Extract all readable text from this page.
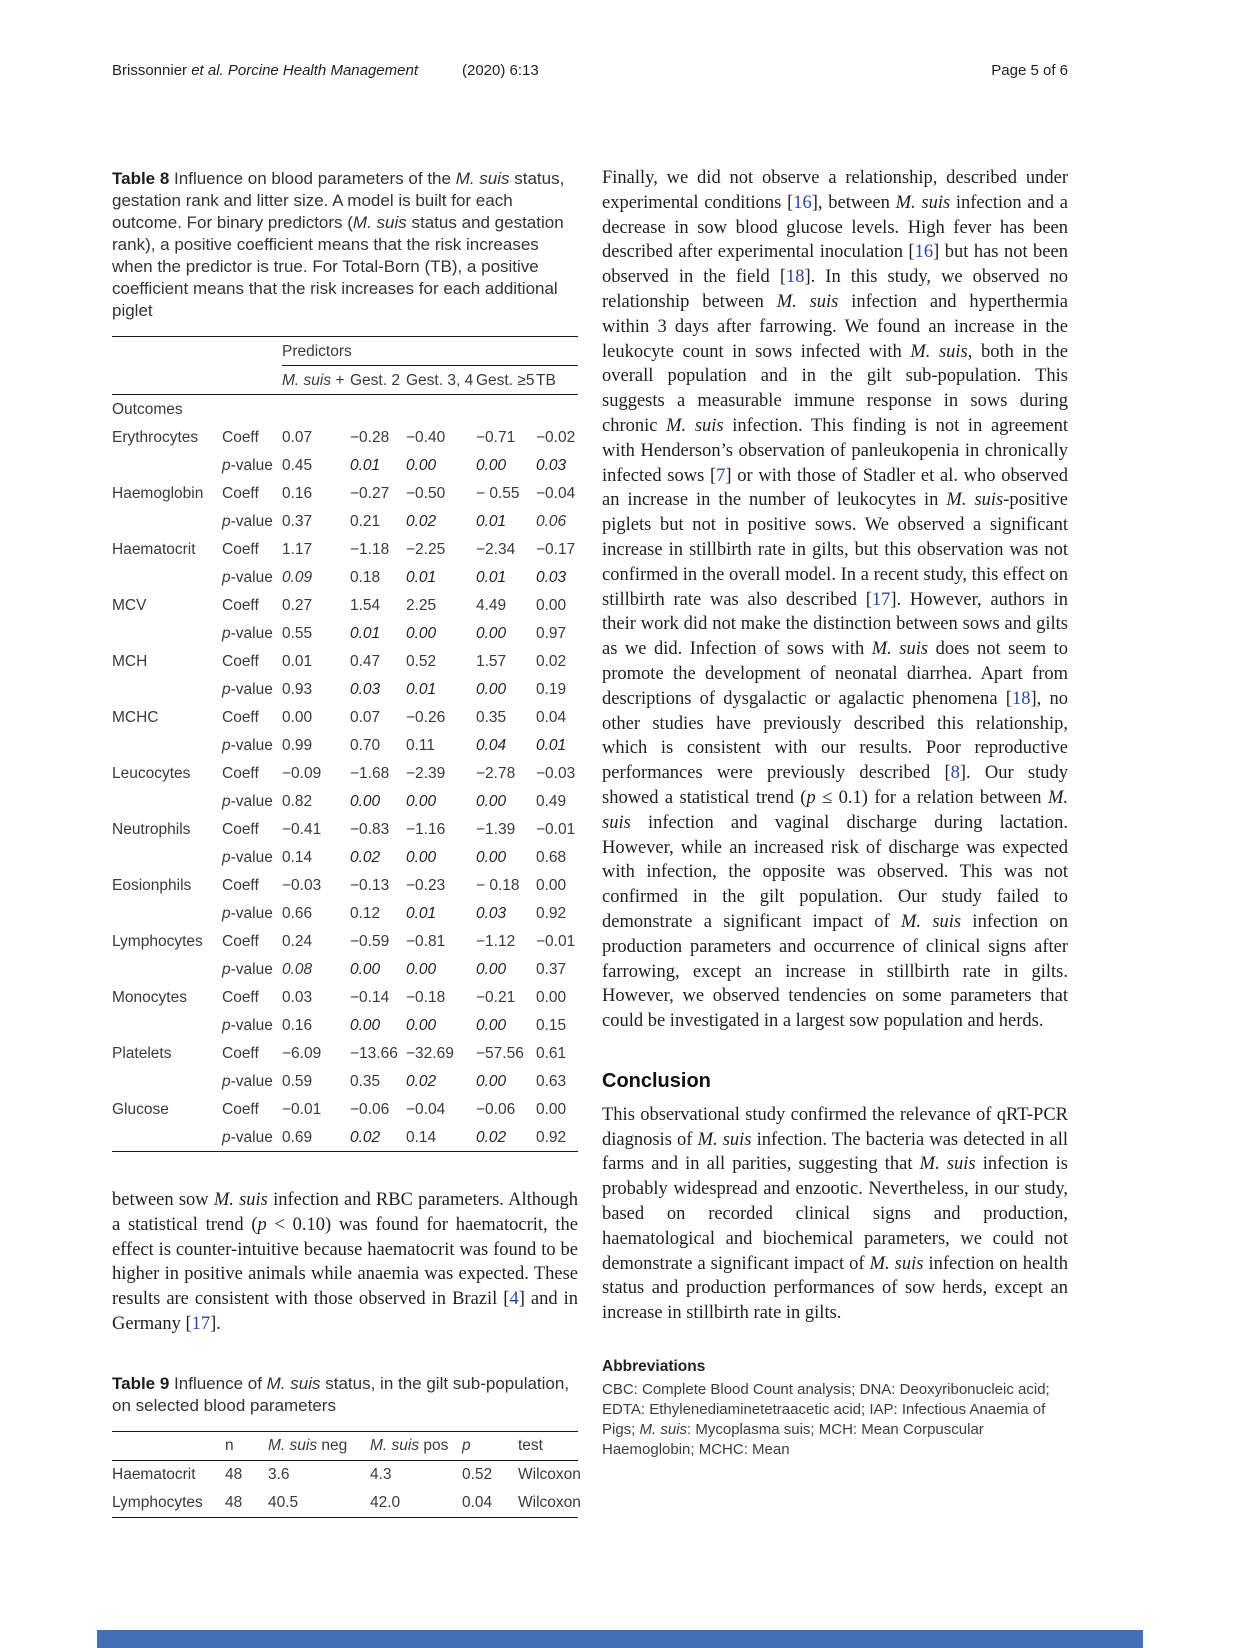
Brissonnier et al. Porcine Health Management	(2020) 6:13	Page 5 of 6

Table 8 Influence on blood parameters of the M. suis status, gestation rank and litter size. A model is built for each outcome. For binary predictors (M. suis status and gestation rank), a positive coefficient means that the risk increases when the predictor is true. For Total-Born (TB), a positive coefficient means that the risk increases for each additional piglet

		Predictors				
		M. suis +	Gest. 2	Gest. 3, 4	Gest. ≥5	TB
Outcomes						
Erythrocytes	Coeff	0.07	−0.28	−0.40	−0.71	−0.02
	p-value	0.45	0.01	0.00	0.00	0.03
Haemoglobin	Coeff	0.16	−0.27	−0.50	− 0.55	−0.04
	p-value	0.37	0.21	0.02	0.01	0.06
Haematocrit	Coeff	1.17	−1.18	−2.25	−2.34	−0.17
	p-value	0.09	0.18	0.01	0.01	0.03
MCV	Coeff	0.27	1.54	2.25	4.49	0.00
	p-value	0.55	0.01	0.00	0.00	0.97
MCH	Coeff	0.01	0.47	0.52	1.57	0.02
	p-value	0.93	0.03	0.01	0.00	0.19
MCHC	Coeff	0.00	0.07	−0.26	0.35	0.04
	p-value	0.99	0.70	0.11	0.04	0.01
Leucocytes	Coeff	−0.09	−1.68	−2.39	−2.78	−0.03
	p-value	0.82	0.00	0.00	0.00	0.49
Neutrophils	Coeff	−0.41	−0.83	−1.16	−1.39	−0.01
	p-value	0.14	0.02	0.00	0.00	0.68
Eosionphils	Coeff	−0.03	−0.13	−0.23	− 0.18	0.00
	p-value	0.66	0.12	0.01	0.03	0.92
Lymphocytes	Coeff	0.24	−0.59	−0.81	−1.12	−0.01
	p-value	0.08	0.00	0.00	0.00	0.37
Monocytes	Coeff	0.03	−0.14	−0.18	−0.21	0.00
	p-value	0.16	0.00	0.00	0.00	0.15
Platelets	Coeff	−6.09	−13.66	−32.69	−57.56	0.61
	p-value	0.59	0.35	0.02	0.00	0.63
Glucose	Coeff	−0.01	−0.06	−0.04	−0.06	0.00
	p-value	0.69	0.02	0.14	0.02	0.92

between sow M. suis infection and RBC parameters. Although a statistical trend (p < 0.10) was found for haematocrit, the effect is counter-intuitive because haematocrit was found to be higher in positive animals while anaemia was expected. These results are consistent with those observed in Brazil [4] and in Germany [17].

Table 9 Influence of M. suis status, in the gilt sub-population, on selected blood parameters

	n	M. suis neg	M. suis pos	p	test
Haematocrit	48	3.6	4.3	0.52	Wilcoxon
Lymphocytes	48	40.5	42.0	0.04	Wilcoxon

Finally, we did not observe a relationship, described under experimental conditions [16], between M. suis infection and a decrease in sow blood glucose levels. High fever has been described after experimental inoculation [16] but has not been observed in the field [18]. In this study, we observed no relationship between M. suis infection and hyperthermia within 3 days after farrowing. We found an increase in the leukocyte count in sows infected with M. suis, both in the overall population and in the gilt sub-population. This suggests a measurable immune response in sows during chronic M. suis infection. This finding is not in agreement with Henderson’s observation of panleukopenia in chronically infected sows [7] or with those of Stadler et al. who observed an increase in the number of leukocytes in M. suis-positive piglets but not in positive sows. We observed a significant increase in stillbirth rate in gilts, but this observation was not confirmed in the overall model. In a recent study, this effect on stillbirth rate was also described [17]. However, authors in their work did not make the distinction between sows and gilts as we did. Infection of sows with M. suis does not seem to promote the development of neonatal diarrhea. Apart from descriptions of dysgalactic or agalactic phenomena [18], no other studies have previously described this relationship, which is consistent with our results. Poor reproductive performances were previously described [8]. Our study showed a statistical trend (p ≤ 0.1) for a relation between M. suis infection and vaginal discharge during lactation. However, while an increased risk of discharge was expected with infection, the opposite was observed. This was not confirmed in the gilt population. Our study failed to demonstrate a significant impact of M. suis infection on production parameters and occurrence of clinical signs after farrowing, except an increase in stillbirth rate in gilts. However, we observed tendencies on some parameters that could be investigated in a largest sow population and herds.

Conclusion

This observational study confirmed the relevance of qRT-PCR diagnosis of M. suis infection. The bacteria was detected in all farms and in all parities, suggesting that M. suis infection is probably widespread and enzootic. Nevertheless, in our study, based on recorded clinical signs and production, haematological and biochemical parameters, we could not demonstrate a significant impact of M. suis infection on health status and production performances of sow herds, except an increase in stillbirth rate in gilts.

Abbreviations

CBC: Complete Blood Count analysis; DNA: Deoxyribonucleic acid; EDTA: Ethylenediaminetetraacetic acid; IAP: Infectious Anaemia of Pigs; M. suis: Mycoplasma suis; MCH: Mean Corpuscular Haemoglobin; MCHC: Mean
